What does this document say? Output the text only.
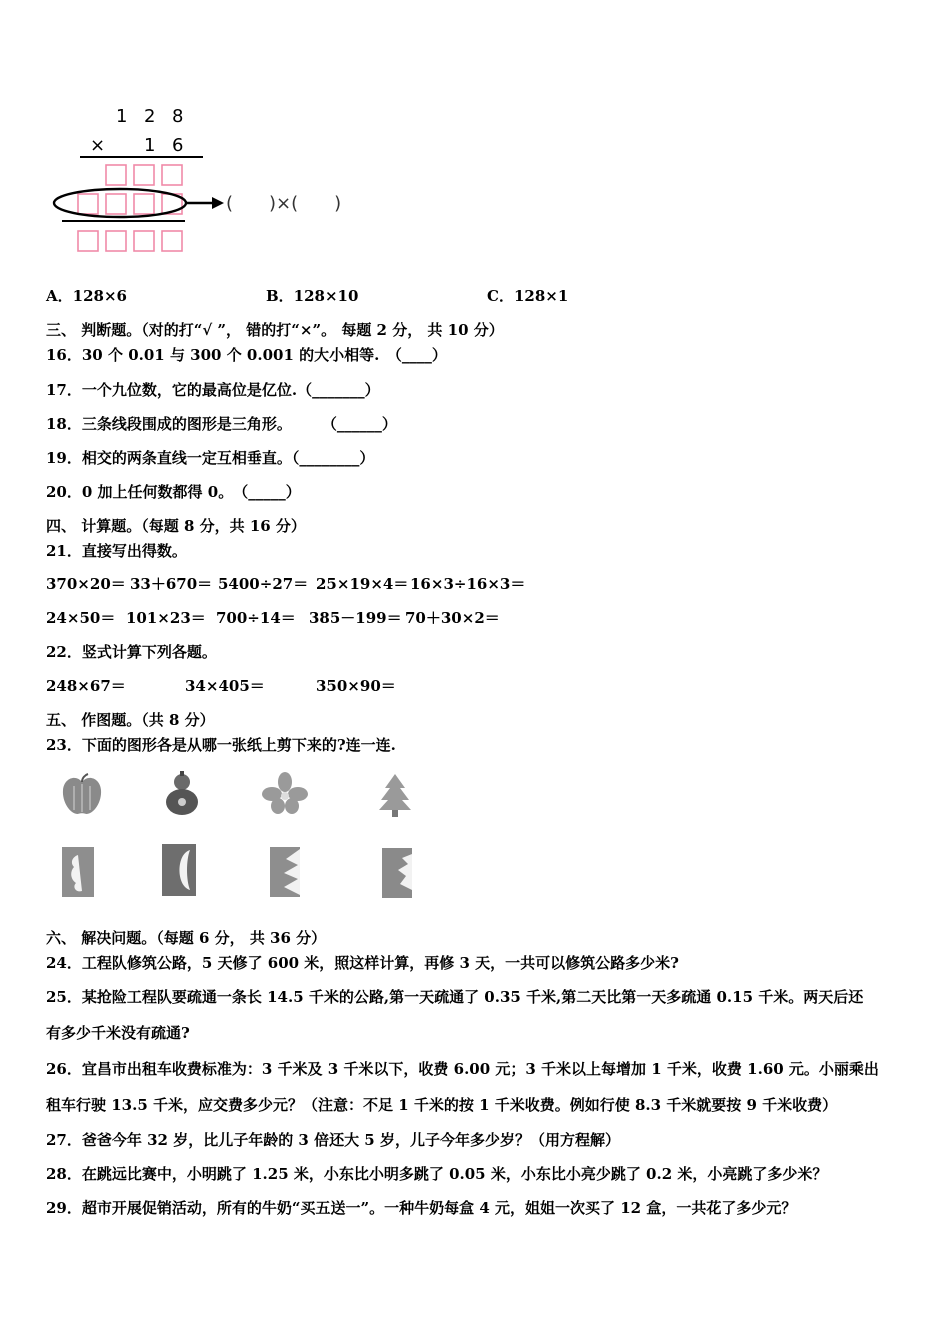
1 2 8
× 1 6
(　　)×(　　)
A．128×6	B．128×10	C．128×1
三、 判断题。（对的打“√ ”， 错的打“×”。 每题 2 分， 共 10 分）
16．30 个 0.01 与 300 个 0.001 的大小相等.　（____）
17．一个九位数，它的最高位是亿位.（_______）
18．三条线段围成的图形是三角形。　　　（______）
19．相交的两条直线一定互相垂直。（________）
20．0 加上任何数都得 0。　（_____）
四、 计算题。（每题 8 分，共 16 分）
21．直接写出得数。
370×20＝ 33＋670＝ 5400÷27＝ 25×19×4＝ 16×3÷16×3＝
24×50＝ 101×23＝ 700÷14＝ 385－199＝ 70＋30×2＝
22．竖式计算下列各题。
248×67＝	34×405＝	350×90＝
五、 作图题。（共 8 分）
23．下面的图形各是从哪一张纸上剪下来的?连一连.
六、 解决问题。（每题 6 分， 共 36 分）
24．工程队修筑公路，5 天修了 600 米，照这样计算，再修 3 天，一共可以修筑公路多少米?
25．某抢险工程队要疏通一条长 14.5 千米的公路,第一天疏通了 0.35 千米,第二天比第一天多疏通 0.15 千米。两天后还
有多少千米没有疏通?
26．宜昌市出租车收费标准为：3 千米及 3 千米以下，收费 6.00 元；3 千米以上每增加 1 千米，收费 1.60 元。小丽乘出
租车行驶 13.5 千米，应交费多少元？（注意：不足 1 千米的按 1 千米收费。例如行使 8.3 千米就要按 9 千米收费）
27．爸爸今年 32 岁，比儿子年龄的 3 倍还大 5 岁，儿子今年多少岁？（用方程解）
28．在跳远比赛中，小明跳了 1.25 米，小东比小明多跳了 0.05 米，小东比小亮少跳了 0.2 米，小亮跳了多少米？
29．超市开展促销活动，所有的牛奶“买五送一”。一种牛奶每盒 4 元，姐姐一次买了 12 盒，一共花了多少元？
